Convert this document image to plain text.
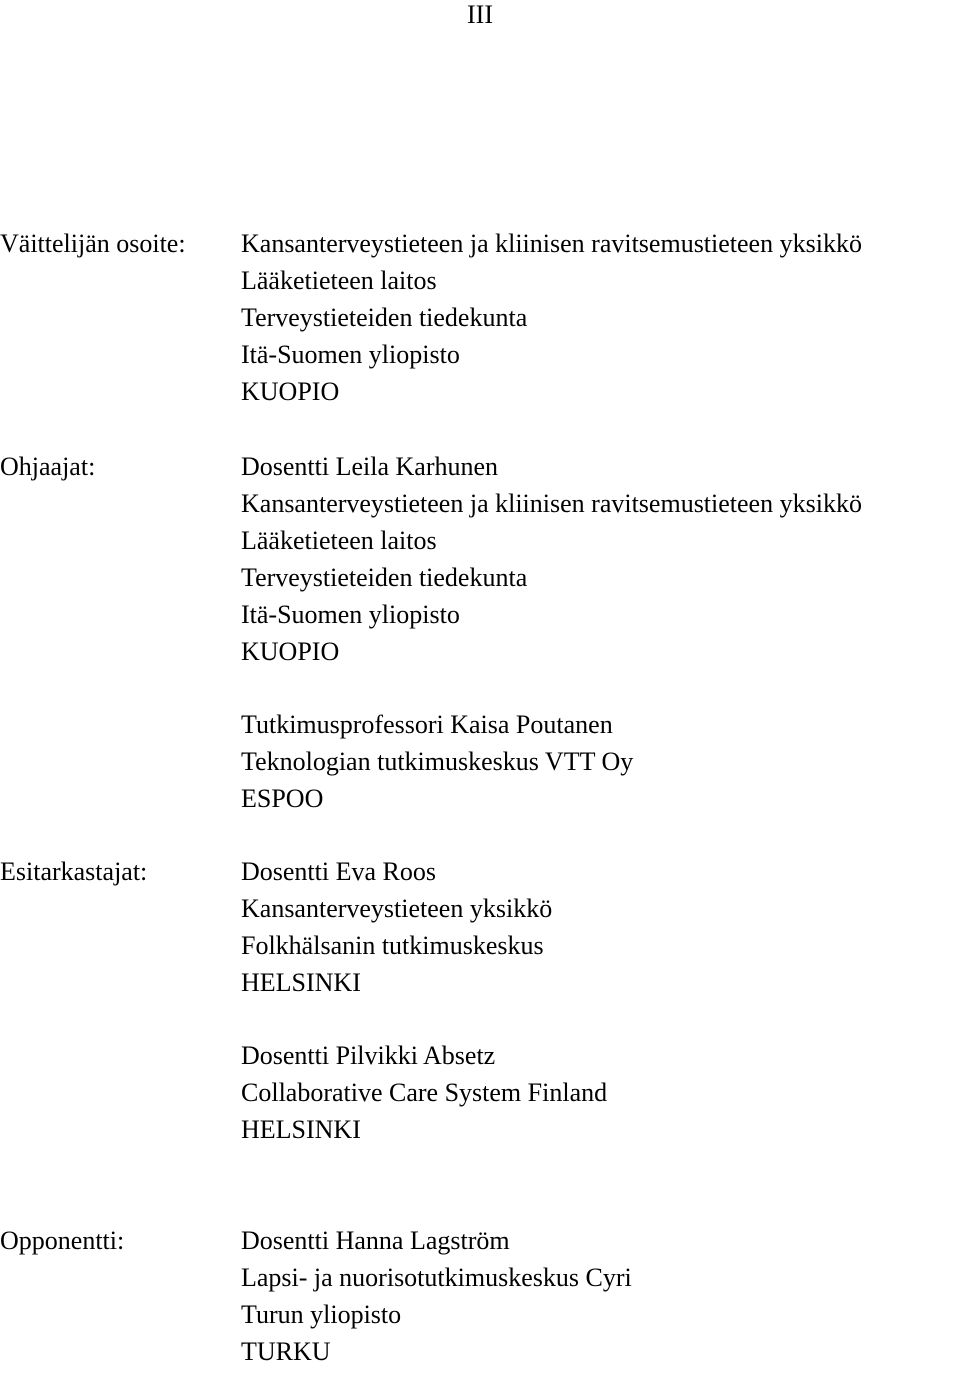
III
Väittelijän osoite: Kansanterveystieteen ja kliinisen ravitsemustieteen yksikkö
Lääketieteen laitos
Terveystieteiden tiedekunta
Itä-Suomen yliopisto
KUOPIO
Ohjaajat:	Dosentti Leila Karhunen
Kansanterveystieteen ja kliinisen ravitsemustieteen yksikkö
Lääketieteen laitos
Terveystieteiden tiedekunta
Itä-Suomen yliopisto
KUOPIO
Tutkimusprofessori Kaisa Poutanen
Teknologian tutkimuskeskus VTT Oy
ESPOO
Esitarkastajat:	Dosentti Eva Roos
Kansanterveystieteen yksikkö
Folkhälsanin tutkimuskeskus
HELSINKI
Dosentti Pilvikki Absetz
Collaborative Care System Finland
HELSINKI
Opponentti:	Dosentti Hanna Lagström
Lapsi- ja nuorisotutkimuskeskus Cyri
Turun yliopisto
TURKU
